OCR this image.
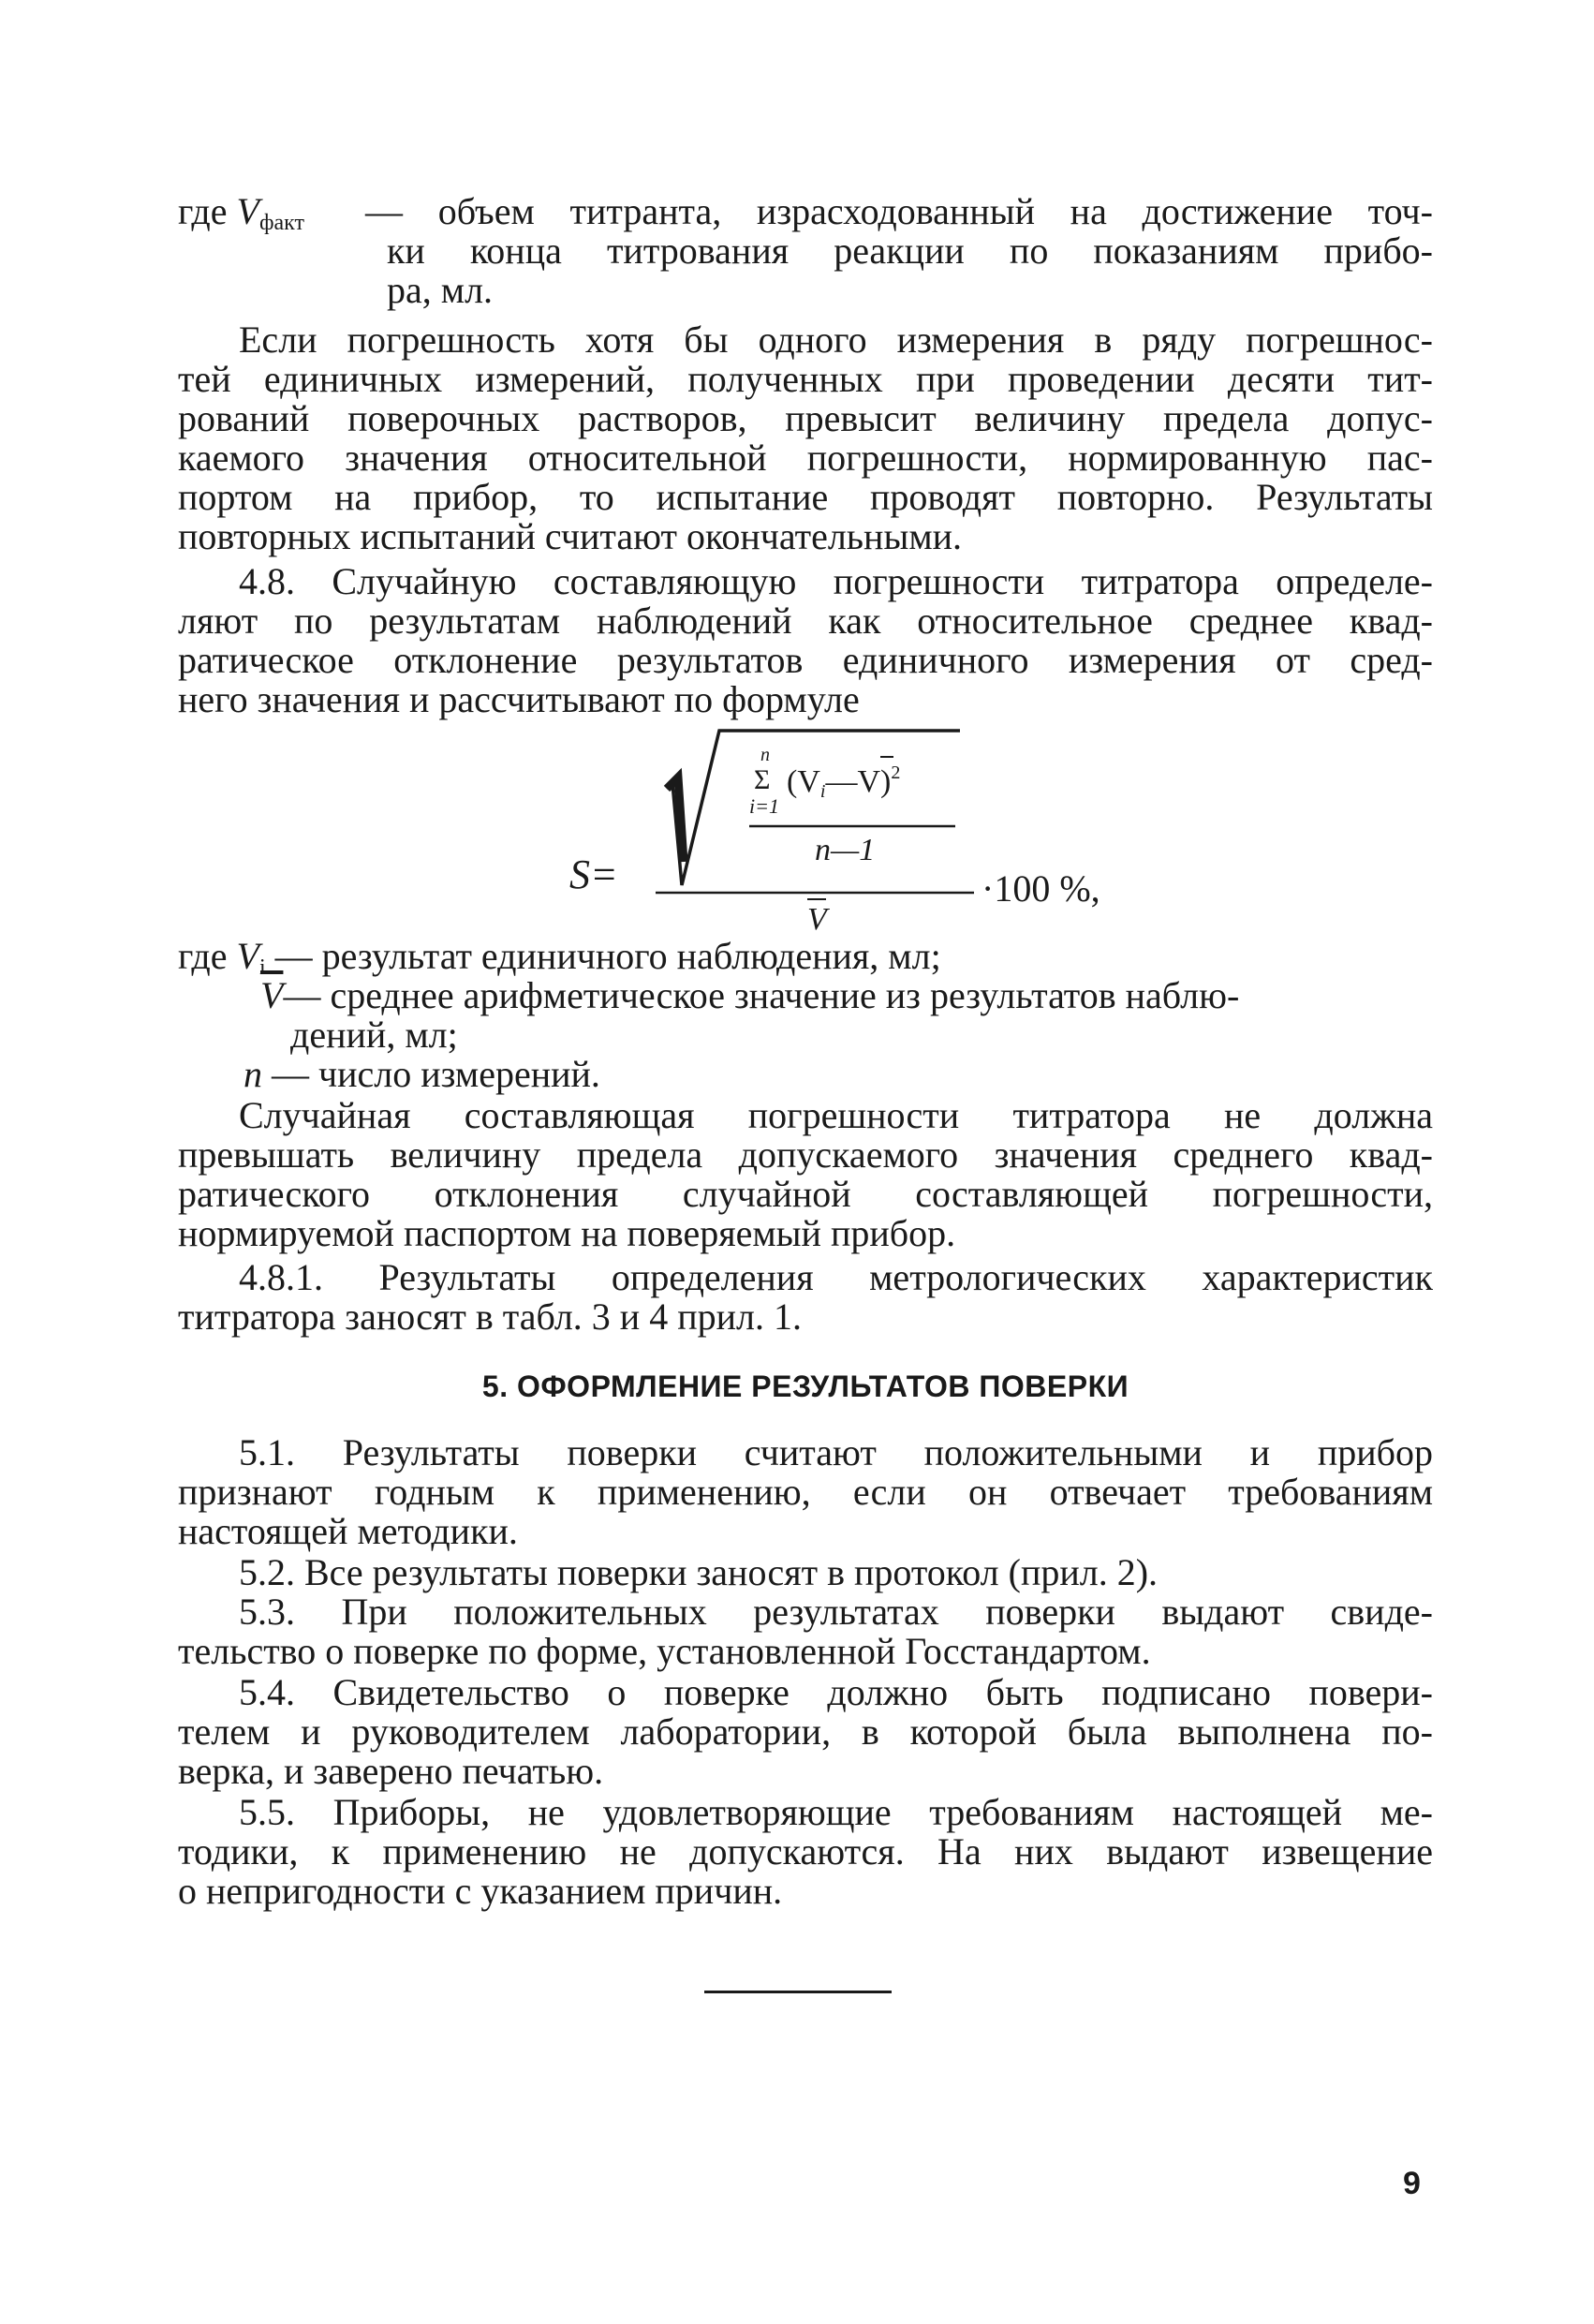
где $V_{факт}$ — объем титранта, израсходованный на достижение точ-
ки конца титрования реакции по показаниям прибо-
ра, мл.
Если погрешность хотя бы одного измерения в ряду погрешнос-
тей единичных измерений, полученных при проведении десяти тит-
рований поверочных растворов, превысит величину предела допус-
каемого значения относительной погрешности, нормированную пас-
портом на прибор, то испытание проводят повторно. Результаты
повторных испытаний считают окончательными.
4.8. Случайную составляющую погрешности титратора определе-
ляют по результатам наблюдений как относительное среднее квад-
ратическое отклонение результатов единичного измерения от сред-
него значения и рассчитывают по формуле
S=
n
Σ
i=1
(Vi—V)$^2$
n—1
V
·100 %,
где $V_i$ — результат единичного наблюдения, мл;
$\overline{V}—$ среднее арифметическое значение из результатов наблю-
дений, мл;
n — число измерений.
Случайная составляющая погрешности титратора не должна
превышать величину предела допускаемого значения среднего квад-
ратического отклонения случайной составляющей погрешности,
нормируемой паспортом на поверяемый прибор.
4.8.1. Результаты определения метрологических характеристик
титратора заносят в табл. 3 и 4 прил. 1.
5. ОФОРМЛЕНИЕ РЕЗУЛЬТАТОВ ПОВЕРКИ
5.1. Результаты поверки считают положительными и прибор
признают годным к применению, если он отвечает требованиям
настоящей методики.
5.2. Все результаты поверки заносят в протокол (прил. 2).
5.3. При положительных результатах поверки выдают свиде-
тельство о поверке по форме, установленной Госстандартом.
5.4. Свидетельство о поверке должно быть подписано повери-
телем и руководителем лаборатории, в которой была выполнена по-
верка, и заверено печатью.
5.5. Приборы, не удовлетворяющие требованиям настоящей ме-
тодики, к применению не допускаются. На них выдают извещение
о непригодности с указанием причин.
9
